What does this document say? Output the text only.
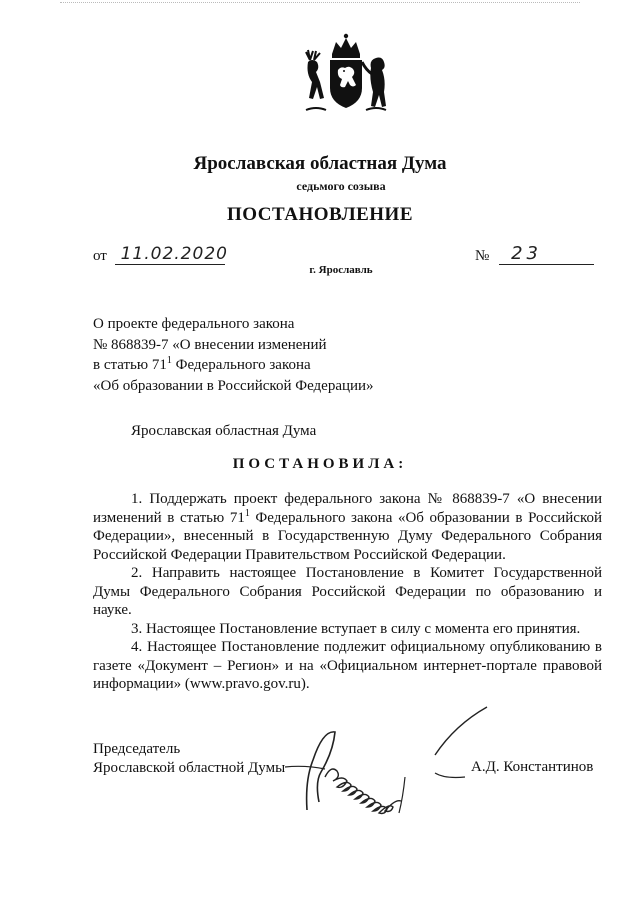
Ярославская областная Дума
седьмого созыва
ПОСТАНОВЛЕНИЕ
от 11.02.2020	№ 23
г. Ярославль
О проекте федерального закона
№ 868839-7 «О внесении изменений
в статью $71^1$ Федерального закона
«Об образовании в Российской Федерации»
Ярославская областная Дума
ПОСТАНОВИЛА:

1. Поддержать проект федерального закона № 868839-7 «О внесении изменений в статью $71^1$ Федерального закона «Об образовании в Российской Федерации», внесенный в Государственную Думу Федерального Собрания Российской Федерации Правительством Российской Федерации.

2. Направить настоящее Постановление в Комитет Государственной Думы Федерального Собрания Российской Федерации по образованию и науке.

3. Настоящее Постановление вступает в силу с момента его принятия.

4. Настоящее Постановление подлежит официальному опубликованию в газете «Документ – Регион» и на «Официальном интернет-портале правовой информации» (www.pravo.gov.ru).

Председатель
Ярославской областной Думы	А.Д. Константинов
